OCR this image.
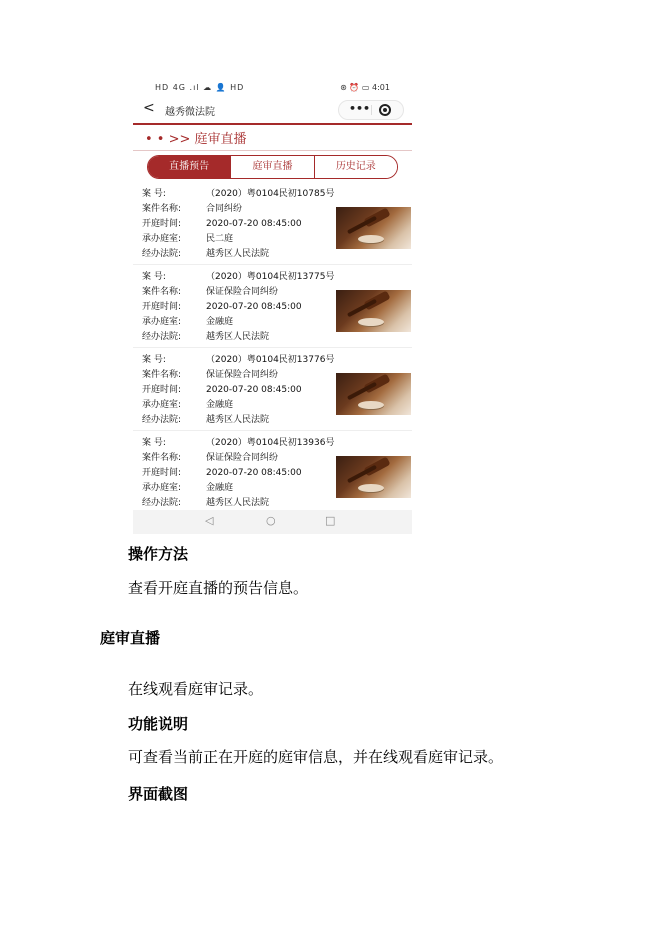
HD 4G .ıl ☁ 👤 HD	⊛ ⏰ ▭ 4:01
< 越秀微法院	•••
• • >> 庭审直播
直播预告	庭审直播	历史记录
案 号:	（2020）粤0104民初10785号
案件名称:	合同纠纷
开庭时间:	2020-07-20 08:45:00
承办庭室:	民二庭
经办法院:	越秀区人民法院
案 号:	（2020）粤0104民初13775号
案件名称:	保证保险合同纠纷
开庭时间:	2020-07-20 08:45:00
承办庭室:	金融庭
经办法院:	越秀区人民法院
案 号:	（2020）粤0104民初13776号
案件名称:	保证保险合同纠纷
开庭时间:	2020-07-20 08:45:00
承办庭室:	金融庭
经办法院:	越秀区人民法院
案 号:	（2020）粤0104民初13936号
案件名称:	保证保险合同纠纷
开庭时间:	2020-07-20 08:45:00
承办庭室:	金融庭
经办法院:	越秀区人民法院
◁	○	□
操作方法
查看开庭直播的预告信息。
庭审直播
在线观看庭审记录。
功能说明
可查看当前正在开庭的庭审信息，并在线观看庭审记录。
界面截图
